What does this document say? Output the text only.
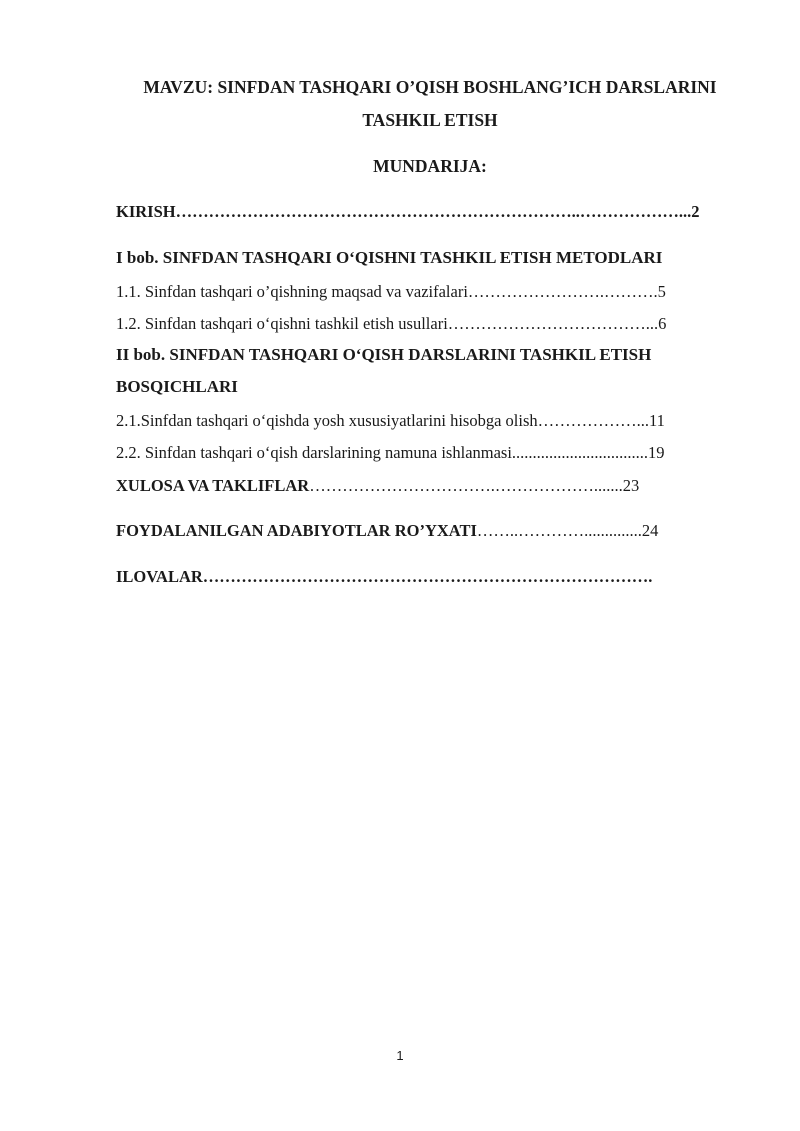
MAVZU: SINFDAN TASHQARI O’QISH BOSHLANG’ICH DARSLARINI
TASHKIL ETISH
MUNDARIJA:
KIRISH………………………………………………………………..………………...2
I bob. SINFDAN TASHQARI O‘QISHNI TASHKIL ETISH METODLARI
1.1. Sinfdan tashqari o’qishning maqsad va vazifalari…………………….……….5
1.2. Sinfdan tashqari o‘qishni tashkil etish usullari………………………………...6
II bob. SINFDAN TASHQARI O‘QISH DARSLARINI TASHKIL ETISH
BOSQICHLARI
2.1.Sinfdan tashqari o‘qishda yosh xususiyatlarini hisobga olish………………...11
2.2. Sinfdan tashqari o‘qish darslarining namuna ishlanmasi.................................19
XULOSA VA TAKLIFLAR…………………………….……………….......23
FOYDALANILGAN ADABIYOTLAR RO’YXATI……..…………..............24
ILOVALAR……………………………………………………………………….
1
